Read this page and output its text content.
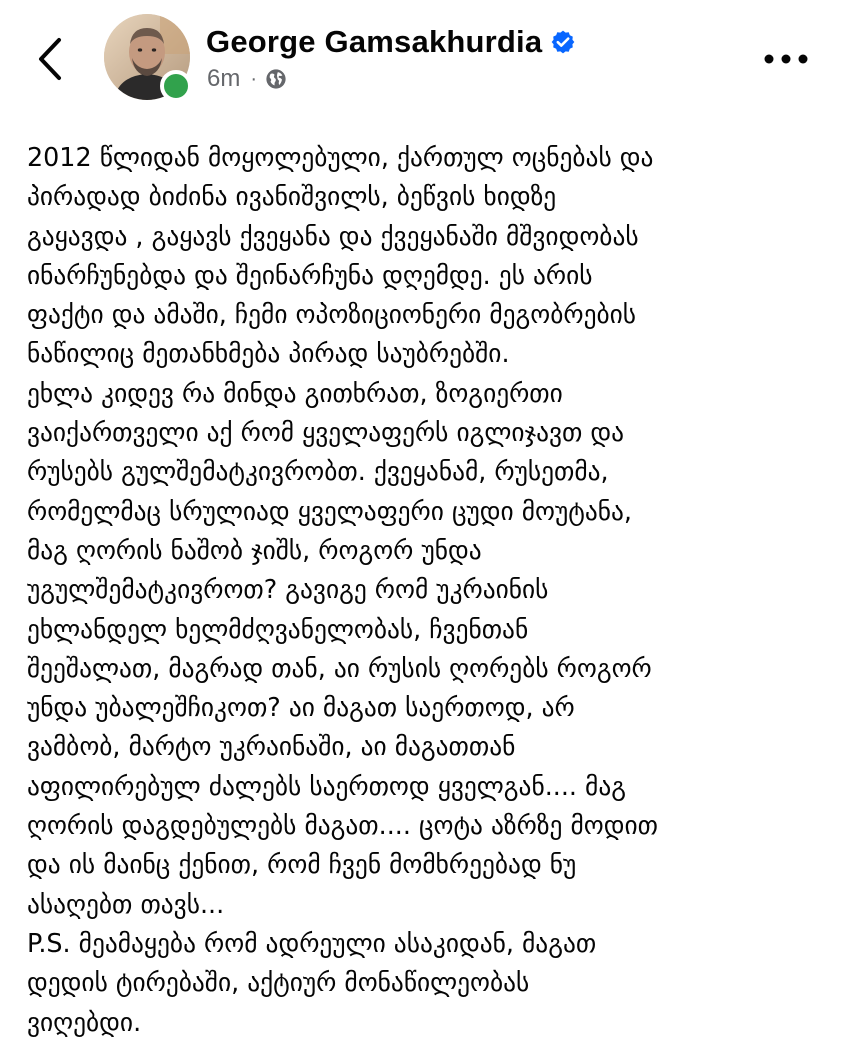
George Gamsakhurdia
6m ·
2012 წლიდან მოყოლებული, ქართულ ოცნებას და
პირადად ბიძინა ივანიშვილს, ბეწვის ხიდზე
გაყავდა , გაყავს ქვეყანა და ქვეყანაში მშვიდობას
ინარჩუნებდა და შეინარჩუნა დღემდე. ეს არის
ფაქტი და ამაში, ჩემი ოპოზიციონერი მეგობრების
ნაწილიც მეთანხმება პირად საუბრებში.
ეხლა კიდევ რა მინდა გითხრათ, ზოგიერთი
ვაიქართველი აქ რომ ყველაფერს იგლიჯავთ და
რუსებს გულშემატკივრობთ. ქვეყანამ, რუსეთმა,
რომელმაც სრულიად ყველაფერი ცუდი მოუტანა,
მაგ ღორის ნაშობ ჯიშს, როგორ უნდა
უგულშემატკივროთ? გავიგე რომ უკრაინის
ეხლანდელ ხელმძღვანელობას, ჩვენთან
შეეშალათ, მაგრად თან, აი რუსის ღორებს როგორ
უნდა უბალეშჩიკოთ? აი მაგათ საერთოდ, არ
ვამბობ, მარტო უკრაინაში, აი მაგათთან
აფილირებულ ძალებს საერთოდ ყველგან.... მაგ
ღორის დაგდებულებს მაგათ.... ცოტა აზრზე მოდით
და ის მაინც ქენით, რომ ჩვენ მომხრეებად ნუ
ასაღებთ თავს...
P.S. მეამაყება რომ ადრეული ასაკიდან, მაგათ
დედის ტირებაში, აქტიურ მონაწილეობას
ვიღებდი.
